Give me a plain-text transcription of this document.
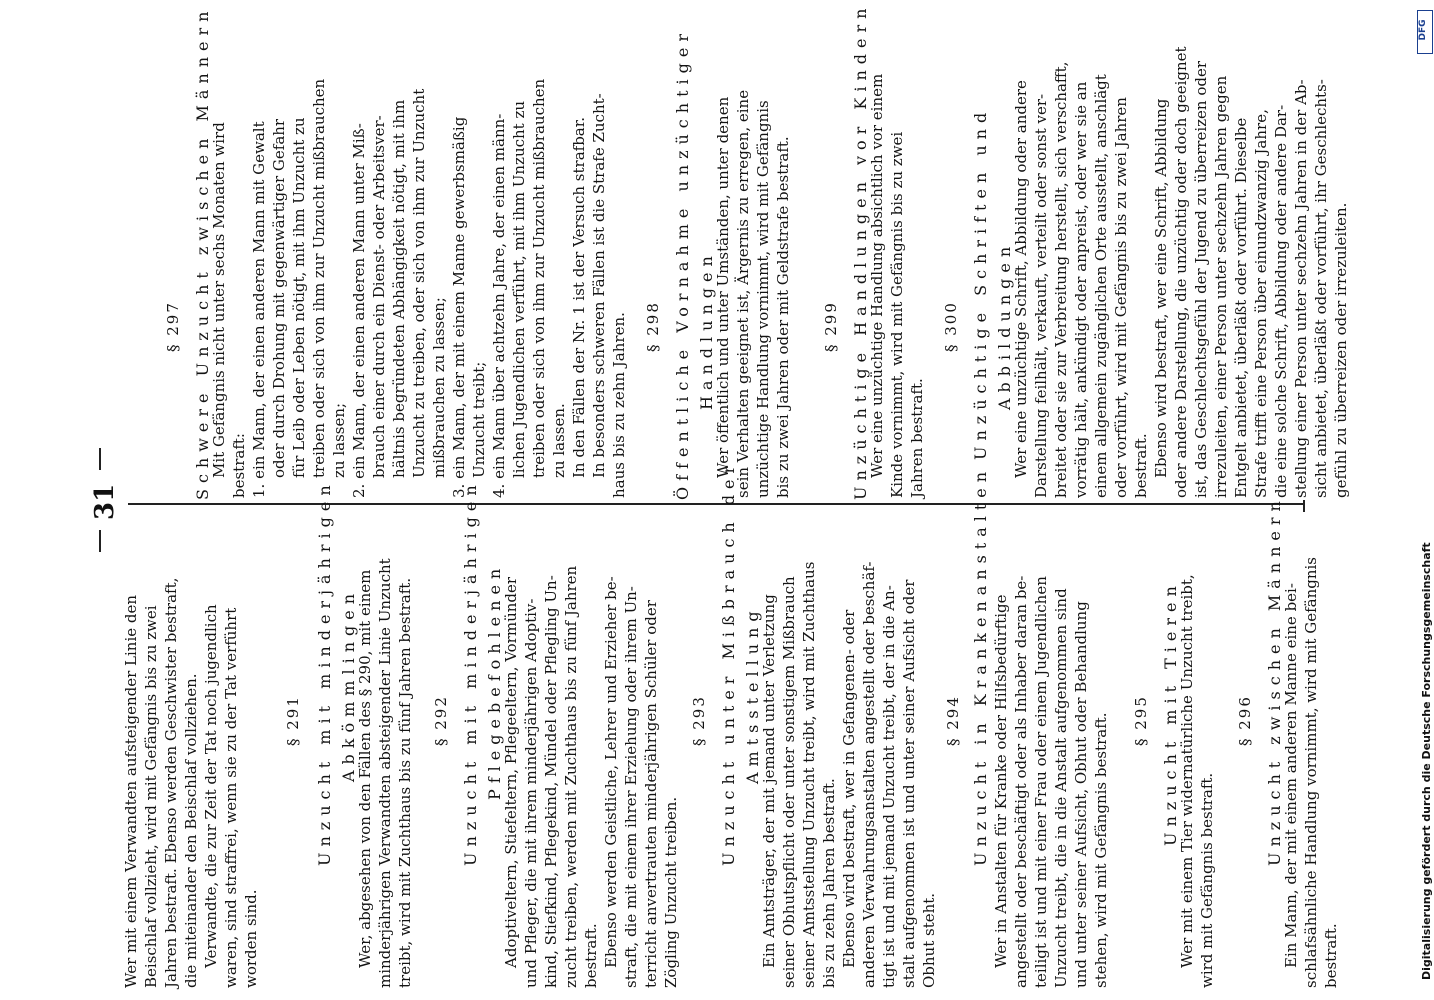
31
Wer mit einem Verwandten aufsteigender Linie den Beischlaf vollzieht, wird mit Gefängnis bis zu zwei Jahren bestraft. Ebenso werden Geschwister bestraft, die miteinander den Beischlaf vollziehen. Verwandte, die zur Zeit der Tat noch jugendlich waren, sind straffrei, wenn sie zu der Tat verführt worden sind.
§ 291 Unzucht mit minderjährigen Abkömmlingen
Wer, abgesehen von den Fällen des § 290, mit einem minderjährigen Verwandten absteigender Linie Unzucht treibt, wird mit Zuchthaus bis zu fünf Jahren bestraft. § 292 Unzucht mit minderjährigen Pflegebefohlenen
Adoptiveltern, Stiefeltern, Pflegeeltern, Vormünder und Pfleger, die mit ihrem minderjährigen Adoptiv- kind, Stiefkind, Pflegekind, Mündel oder Pflegling Un- zucht treiben, werden mit Zuchthaus bis zu fünf Jahren bestraft. Ebenso werden Geistliche, Lehrer und Erzieher be- straft, die mit einem ihrer Erziehung oder ihrem Un- terricht anvertrauten minderjährigen Schüler oder Zögling Unzucht treiben.
§ 293 Unzucht unter Mißbrauch der Amtsstellung
Ein Amtsträger, der mit jemand unter Verletzung seiner Obhutspflicht oder unter sonstigem Mißbrauch seiner Amtsstellung Unzucht treibt, wird mit Zuchthaus bis zu zehn Jahren bestraft. Ebenso wird bestraft, wer in Gefangenen- oder anderen Verwahrungsanstalten angestellt oder beschäf- tigt ist und mit jemand Unzucht treibt, der in die An- stalt aufgenommen ist und unter seiner Aufsicht oder Obhut steht.
§ 294 Unzucht in Krankenanstalten Wer in Anstalten für Kranke oder Hilfsbedürftige angestellt oder beschäftigt oder als Inhaber daran be- teiligt ist und mit einer Frau oder einem Jugendlichen Unzucht treibt, die in die Anstalt aufgenommen sind und unter seiner Aufsicht, Obhut oder Behandlung stehen, wird mit Gefängnis bestraft. § 295 Unzucht mit Tieren
Wer mit einem Tier widernatürliche Unzucht treibt, wird mit Gefängnis bestraft.
§ 296 Unzucht zwischen Männern
Ein Mann, der mit einem anderen Manne eine bei- schlafsähnliche Handlung vornimmt, wird mit Gefängnis bestraft.
§ 297 Schwere Unzucht zwischen Männern
Mit Gefängnis nicht unter sechs Monaten wird bestraft: 1. ein Mann, der einen anderen Mann mit Gewalt oder durch Drohung mit gegenwärtiger Gefahr für Leib oder Leben nötigt, mit ihm Unzucht zu treiben oder sich von ihm zur Unzucht mißbrauchen zu lassen; 2. ein Mann, der einen anderen Mann unter Miß- brauch einer durch ein Dienst- oder Arbeitsver- hältnis begründeten Abhängigkeit nötigt, mit ihm Unzucht zu treiben, oder sich von ihm zur Unzucht mißbrauchen zu lassen; 3. ein Mann, der mit einem Manne gewerbsmäßig Unzucht treibt; 4. ein Mann über achtzehn Jahre, der einen männ- lichen Jugendlichen verführt, mit ihm Unzucht zu treiben oder sich von ihm zur Unzucht mißbrauchen zu lassen. In den Fällen der Nr. 1 ist der Versuch strafbar. In besonders schweren Fällen ist die Strafe Zucht- haus bis zu zehn Jahren. § 298 Öffentliche Vornahme unzüchtiger Handlungen
Wer öffentlich und unter Umständen, unter denen sein Verhalten geeignet ist, Ärgernis zu erregen, eine unzüchtige Handlung vornimmt, wird mit Gefängnis bis zu zwei Jahren oder mit Geldstrafe bestraft. § 299 Unzüchtige Handlungen vor Kindern
Wer eine unzüchtige Handlung absichtlich vor einem Kinde vornimmt, wird mit Gefängnis bis zu zwei Jahren bestraft.
§ 300 Unzüchtige Schriften und Abbildungen
Wer eine unzüchtige Schrift, Abbildung oder andere Darstellung feilhält, verkauft, verteilt oder sonst ver- breitet oder sie zur Verbreitung herstellt, sich verschafft, vorrätig hält, ankündigt oder anpreist, oder wer sie an einem allgemein zugänglichen Orte ausstellt, anschlägt oder vorführt, wird mit Gefängnis bis zu zwei Jahren bestraft. Ebenso wird bestraft, wer eine Schrift, Abbildung oder andere Darstellung, die unzüchtig oder doch geeignet ist, das Geschlechtsgefühl der Jugend zu überreizen oder irrezuleiten, einer Person unter sechzehn Jahren gegen Entgelt anbietet, überläßt oder vorführt. Dieselbe Strafe trifft eine Person über einundzwanzig Jahre, die eine solche Schrift, Abbildung oder andere Dar- stellung einer Person unter sechzehn Jahren in der Ab- sicht anbietet, überläßt oder vorführt, ihr Geschlechts- gefühl zu überreizen oder irrezuleiten.
Digitalisierung gefördert durch die Deutsche Forschungsgemeinschaft
DFG
